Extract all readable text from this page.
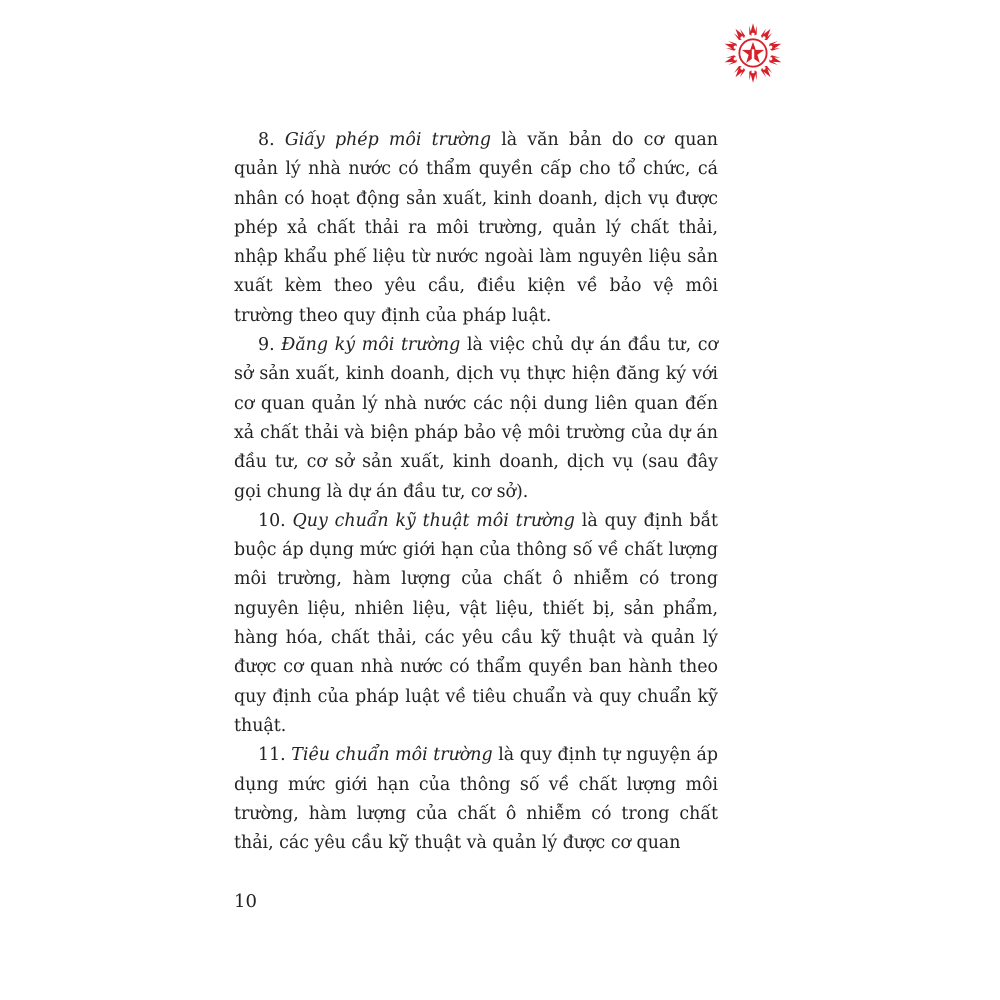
8. Giấy phép môi trường là văn bản do cơ quan quản lý nhà nước có thẩm quyền cấp cho tổ chức, cá nhân có hoạt động sản xuất, kinh doanh, dịch vụ được phép xả chất thải ra môi trường, quản lý chất thải, nhập khẩu phế liệu từ nước ngoài làm nguyên liệu sản xuất kèm theo yêu cầu, điều kiện về bảo vệ môi trường theo quy định của pháp luật.

9. Đăng ký môi trường là việc chủ dự án đầu tư, cơ sở sản xuất, kinh doanh, dịch vụ thực hiện đăng ký với cơ quan quản lý nhà nước các nội dung liên quan đến xả chất thải và biện pháp bảo vệ môi trường của dự án đầu tư, cơ sở sản xuất, kinh doanh, dịch vụ (sau đây gọi chung là dự án đầu tư, cơ sở).

10. Quy chuẩn kỹ thuật môi trường là quy định bắt buộc áp dụng mức giới hạn của thông số về chất lượng môi trường, hàm lượng của chất ô nhiễm có trong nguyên liệu, nhiên liệu, vật liệu, thiết bị, sản phẩm, hàng hóa, chất thải, các yêu cầu kỹ thuật và quản lý được cơ quan nhà nước có thẩm quyền ban hành theo quy định của pháp luật về tiêu chuẩn và quy chuẩn kỹ thuật.

11. Tiêu chuẩn môi trường là quy định tự nguyện áp dụng mức giới hạn của thông số về chất lượng môi trường, hàm lượng của chất ô nhiễm có trong chất thải, các yêu cầu kỹ thuật và quản lý được cơ quan

10
